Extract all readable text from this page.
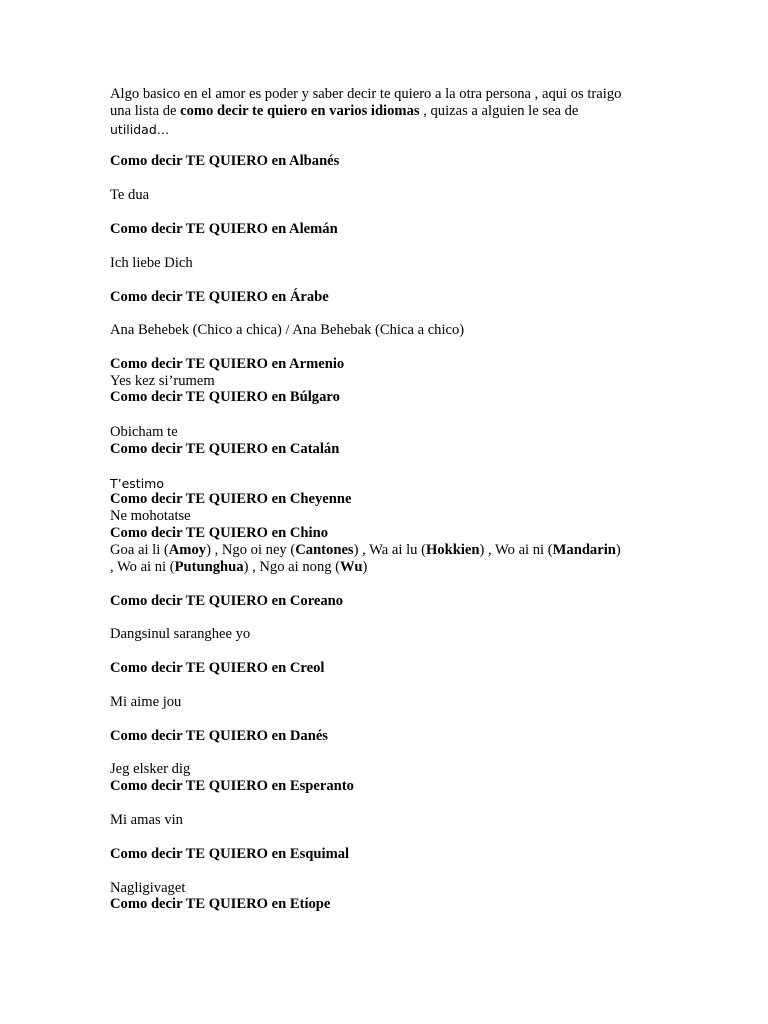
Algo basico en el amor es poder y saber decir te quiero a la otra persona , aqui os traigo

una lista de como decir te quiero en varios idiomas , quizas a alguien le sea de

utilidad…

Como decir TE QUIERO en Albanés

Te dua

Como decir TE QUIERO en Alemán

Ich liebe Dich

Como decir TE QUIERO en Árabe

Ana Behebek (Chico a chica) / Ana Behebak (Chica a chico)

Como decir TE QUIERO en Armenio

Yes kez si’rumem

Como decir TE QUIERO en Búlgaro

Obicham te

Como decir TE QUIERO en Catalán

T’estimo

Como decir TE QUIERO en Cheyenne

Ne mohotatse

Como decir TE QUIERO en Chino

Goa ai li (Amoy) , Ngo oi ney (Cantones) , Wa ai lu (Hokkien) , Wo ai ni (Mandarin)

, Wo ai ni (Putunghua) , Ngo ai nong (Wu)

Como decir TE QUIERO en Coreano

Dangsinul saranghee yo

Como decir TE QUIERO en Creol

Mi aime jou

Como decir TE QUIERO en Danés

Jeg elsker dig

Como decir TE QUIERO en Esperanto

Mi amas vin

Como decir TE QUIERO en Esquimal

Nagligivaget

Como decir TE QUIERO en Etíope
